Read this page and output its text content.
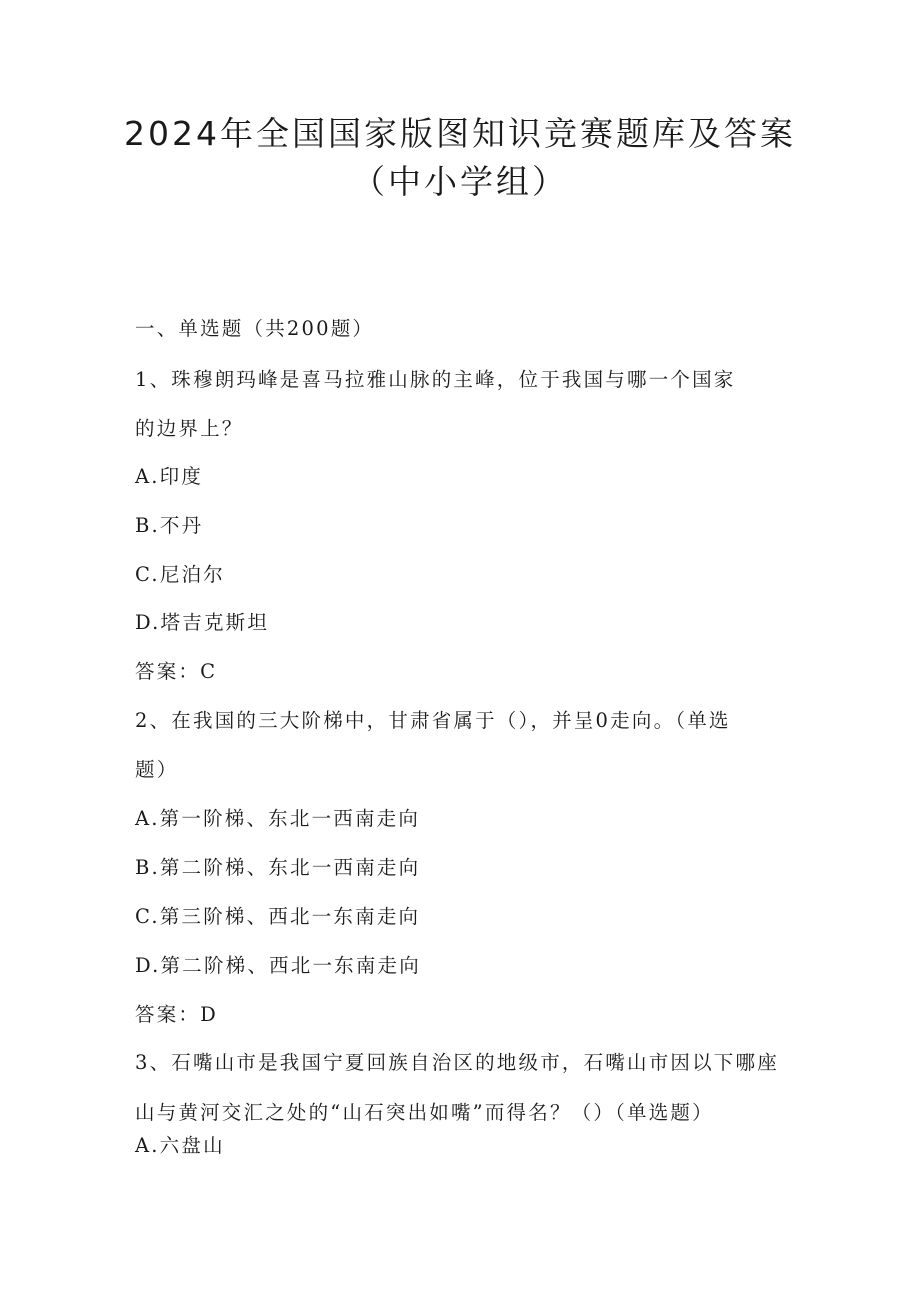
2024年全国国家版图知识竞赛题库及答案
（中小学组）
一、单选题（共200题）
1、珠穆朗玛峰是喜马拉雅山脉的主峰，位于我国与哪一个国家
的边界上？
A.印度
B.不丹
C.尼泊尔
D.塔吉克斯坦
答案：C
2、在我国的三大阶梯中，甘肃省属于（），并呈0走向。（单选
题）
A.第一阶梯、东北一西南走向
B.第二阶梯、东北一西南走向
C.第三阶梯、西北一东南走向
D.第二阶梯、西北一东南走向
答案：D
3、石嘴山市是我国宁夏回族自治区的地级市，石嘴山市因以下哪座
山与黄河交汇之处的“山石突出如嘴”而得名？（）（单选题）
A.六盘山
